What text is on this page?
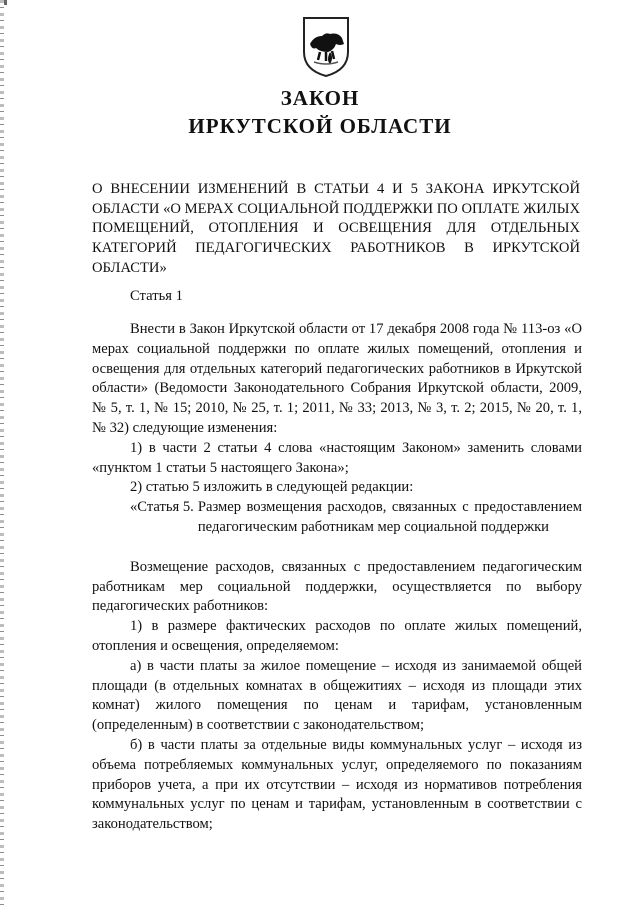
ЗАКОН
ИРКУТСКОЙ ОБЛАСТИ
О ВНЕСЕНИИ ИЗМЕНЕНИЙ В СТАТЬИ 4 И 5 ЗАКОНА ИРКУТСКОЙ ОБЛАСТИ «О МЕРАХ СОЦИАЛЬНОЙ ПОДДЕРЖКИ ПО ОПЛАТЕ ЖИЛЫХ ПОМЕЩЕНИЙ, ОТОПЛЕНИЯ И ОСВЕЩЕНИЯ ДЛЯ ОТДЕЛЬНЫХ КАТЕГОРИЙ ПЕДАГОГИЧЕСКИХ РАБОТНИКОВ В ИРКУТСКОЙ ОБЛАСТИ»
Статья 1

Внести в Закон Иркутской области от 17 декабря 2008 года № 113-оз «О мерах социальной поддержки по оплате жилых помещений, отопления и освещения для отдельных категорий педагогических работников в Иркутской области» (Ведомости Законодательного Собрания Иркутской области, 2009, № 5, т. 1, № 15; 2010, № 25, т. 1; 2011, № 33; 2013, № 3, т. 2; 2015, № 20, т. 1, № 32) следующие изменения:

1) в части 2 статьи 4 слова «настоящим Законом» заменить словами «пунктом 1 статьи 5 настоящего Закона»;

2) статью 5 изложить в следующей редакции:

«Статья 5. Размер возмещения расходов, связанных с предоставлением педагогическим работникам мер социальной поддержки

Возмещение расходов, связанных с предоставлением педагогическим работникам мер социальной поддержки, осуществляется по выбору педагогических работников:

1) в размере фактических расходов по оплате жилых помещений, отопления и освещения, определяемом:

а) в части платы за жилое помещение – исходя из занимаемой общей площади (в отдельных комнатах в общежитиях – исходя из площади этих комнат) жилого помещения по ценам и тарифам, установленным (определенным) в соответствии с законодательством;

б) в части платы за отдельные виды коммунальных услуг – исходя из объема потребляемых коммунальных услуг, определяемого по показаниям приборов учета, а при их отсутствии – исходя из нормативов потребления коммунальных услуг по ценам и тарифам, установленным в соответствии с законодательством;
